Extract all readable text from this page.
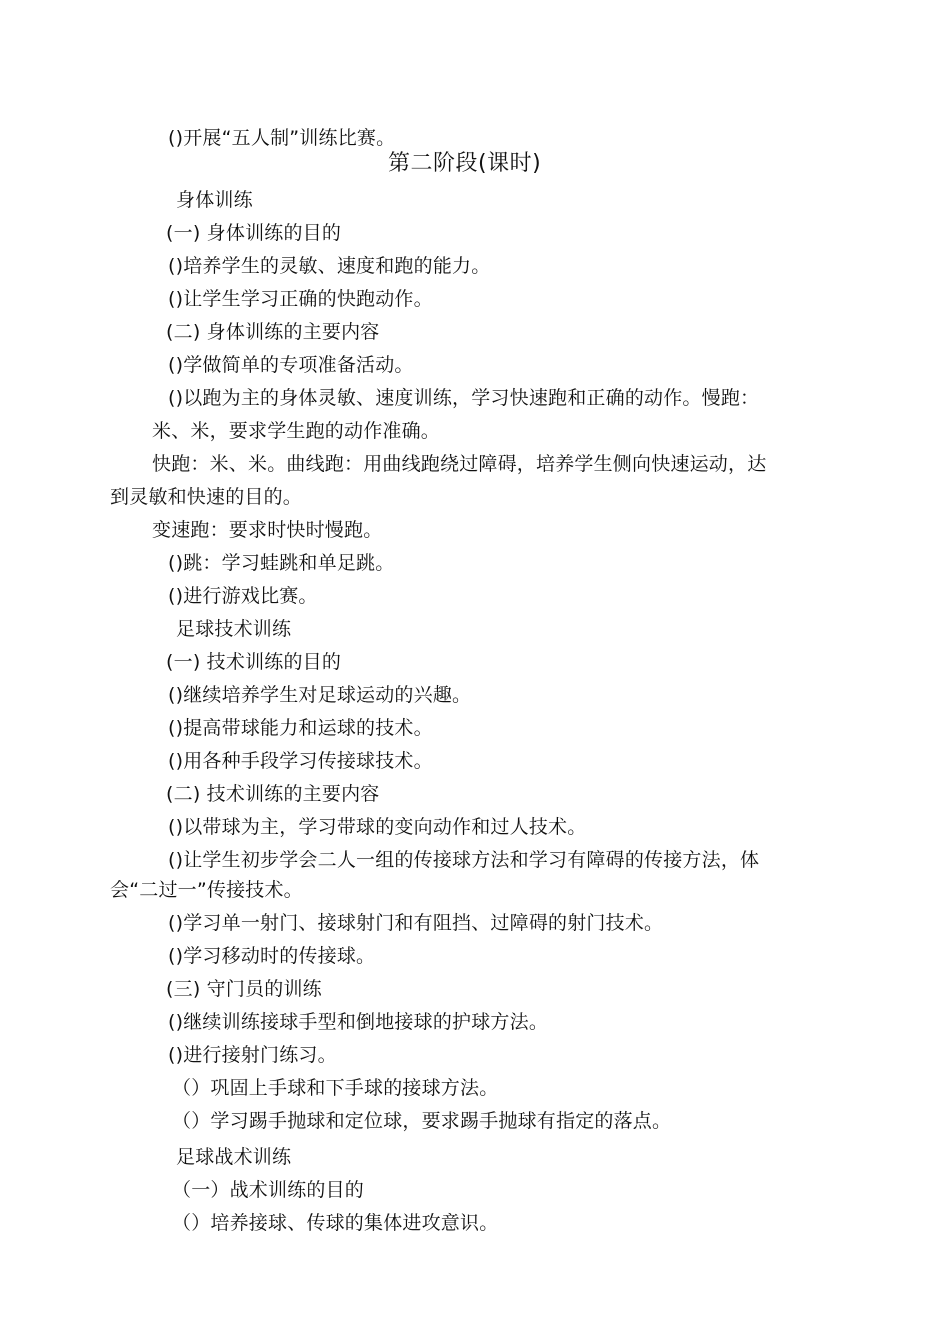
()开展“五人制”训练比赛。
第二阶段(课时)
身体训练
(一) 身体训练的目的
()培养学生的灵敏、速度和跑的能力。
()让学生学习正确的快跑动作。
(二) 身体训练的主要内容
()学做简单的专项准备活动。
()以跑为主的身体灵敏、速度训练，学习快速跑和正确的动作。慢跑：
米、米，要求学生跑的动作准确。
快跑：米、米。曲线跑：用曲线跑绕过障碍，培养学生侧向快速运动，达
到灵敏和快速的目的。
变速跑：要求时快时慢跑。
()跳：学习蛙跳和单足跳。
()进行游戏比赛。
足球技术训练
(一) 技术训练的目的
()继续培养学生对足球运动的兴趣。
()提高带球能力和运球的技术。
()用各种手段学习传接球技术。
(二) 技术训练的主要内容
()以带球为主，学习带球的变向动作和过人技术。
()让学生初步学会二人一组的传接球方法和学习有障碍的传接方法，体
会“二过一”传接技术。
()学习单一射门、接球射门和有阻挡、过障碍的射门技术。
()学习移动时的传接球。
(三) 守门员的训练
()继续训练接球手型和倒地接球的护球方法。
()进行接射门练习。
（）巩固上手球和下手球的接球方法。
（）学习踢手抛球和定位球，要求踢手抛球有指定的落点。
足球战术训练
（一）战术训练的目的
（）培养接球、传球的集体进攻意识。
